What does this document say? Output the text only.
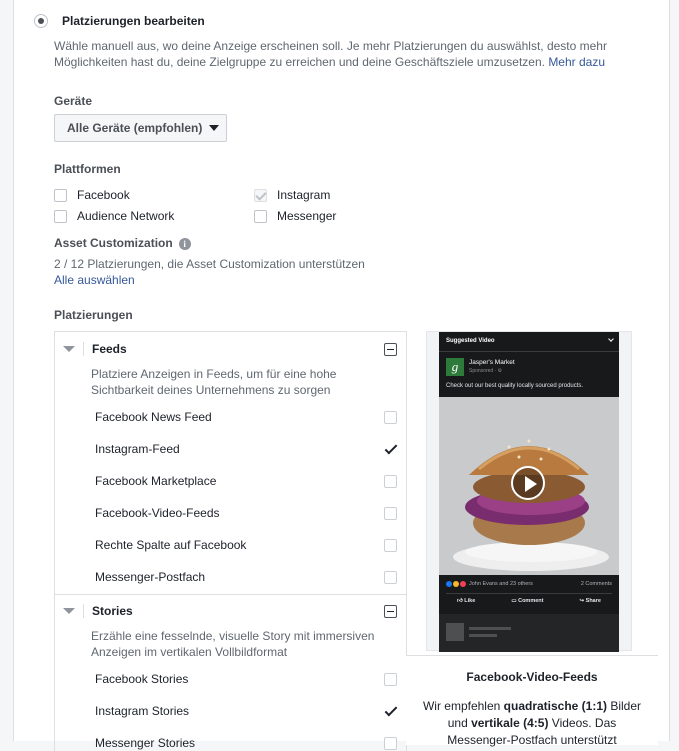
Platzierungen bearbeiten
Wähle manuell aus, wo deine Anzeige erscheinen soll. Je mehr Platzierungen du auswählst, desto mehr Möglichkeiten hast du, deine Zielgruppe zu erreichen und deine Geschäftsziele umzusetzen. Mehr dazu
Geräte
Alle Geräte (empfohlen)
Plattformen
Facebook	Instagram
Audience Network	Messenger
Asset Customization i
2 / 12 Platzierungen, die Asset Customization unterstützen
Alle auswählen
Platzierungen
Feeds
Platziere Anzeigen in Feeds, um für eine hohe Sichtbarkeit deines Unternehmens zu sorgen
Facebook News Feed
Instagram-Feed
Facebook Marketplace
Facebook-Video-Feeds
Rechte Spalte auf Facebook
Messenger-Postfach
Stories
Erzähle eine fesselnde, visuelle Story mit immersiven Anzeigen im vertikalen Vollbildformat
Facebook Stories
Instagram Stories
Messenger Stories
Suggested Video
g	Jasper's Market
Sponsored · ⚙
Check out our best quality locally sourced products.
John Evans and 23 others	2 Comments
👍︎ Like	▭ Comment	↪ Share
Facebook-Video-Feeds
Wir empfehlen quadratische (1:1) Bilder und vertikale (4:5) Videos. Das Messenger-Postfach unterstützt
